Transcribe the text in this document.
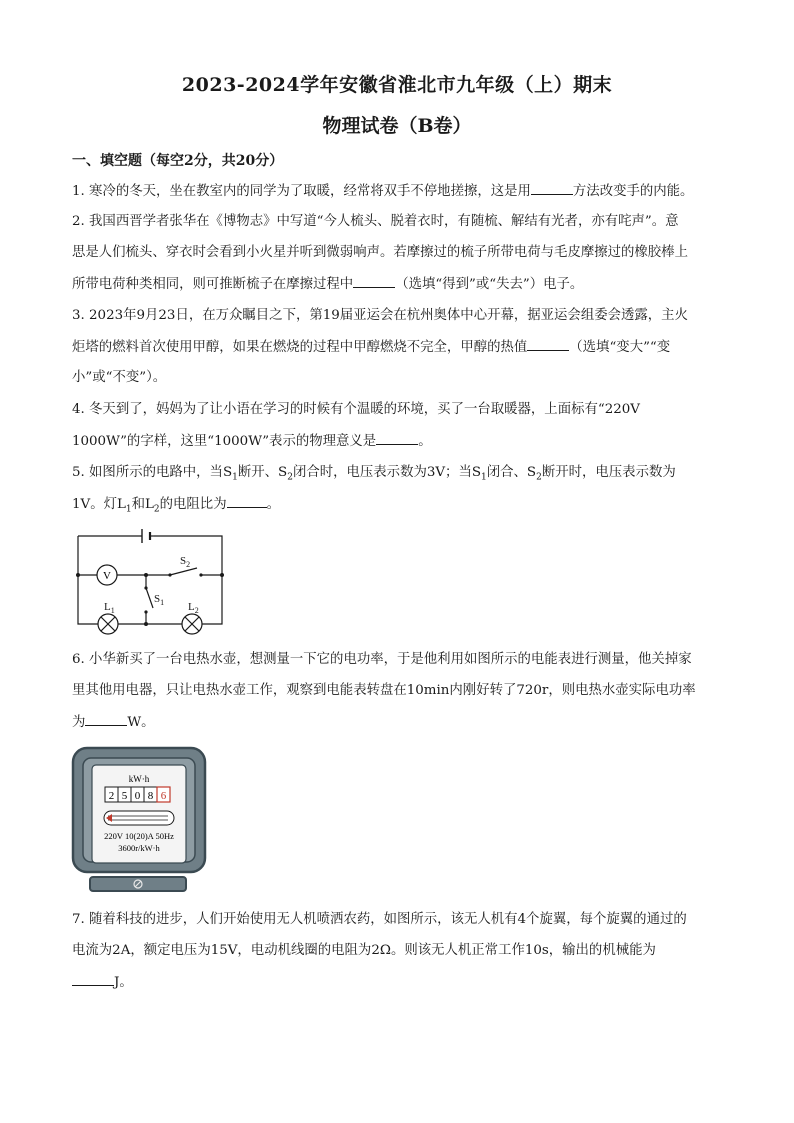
2023-2024学年安徽省淮北市九年级（上）期末
物理试卷（B卷）
一、填空题（每空2分，共20分）
1. 寒冷的冬天，坐在教室内的同学为了取暖，经常将双手不停地搓擦，这是用	方法改变手的内能。
2. 我国西晋学者张华在《博物志》中写道“今人梳头、脱着衣时，有随梳、解结有光者，亦有咤声”。意
思是人们梳头、穿衣时会看到小火星并听到微弱响声。若摩擦过的梳子所带电荷与毛皮摩擦过的橡胶棒上
所带电荷种类相同，则可推断梳子在摩擦过程中	（选填“得到”或“失去”）电子。
3. 2023年9月23日，在万众瞩目之下，第19届亚运会在杭州奥体中心开幕，据亚运会组委会透露，主火
炬塔的燃料首次使用甲醇，如果在燃烧的过程中甲醇燃烧不完全，甲醇的热值	（选填“变大”“变
小”或“不变”）。
4. 冬天到了，妈妈为了让小语在学习的时候有个温暖的环境，买了一台取暖器，上面标有“220V
1000W”的字样，这里“1000W”表示的物理意义是	。
5. 如图所示的电路中，当$S_1$断开、$S_2$闭合时，电压表示数为3V；当$S_1$闭合、$S_2$断开时，电压表示数为
1V。灯$L_1$和$L_2$的电阻比为	。
V
$S_2$
$S_1$
$L_1$	$L_2$
6. 小华新买了一台电热水壶，想测量一下它的电功率，于是他利用如图所示的电能表进行测量，他关掉家
里其他用电器，只让电热水壶工作，观察到电能表转盘在10min内刚好转了720r，则电热水壶实际电功率
为	W。
kW·h
2 5 0 8 6
220V 10(20)A 50Hz
3600r/kW·h
7. 随着科技的进步，人们开始使用无人机喷洒农药，如图所示，该无人机有4个旋翼，每个旋翼的通过的
电流为2A，额定电压为15V，电动机线圈的电阻为2Ω。则该无人机正常工作10s，输出的机械能为
J。
